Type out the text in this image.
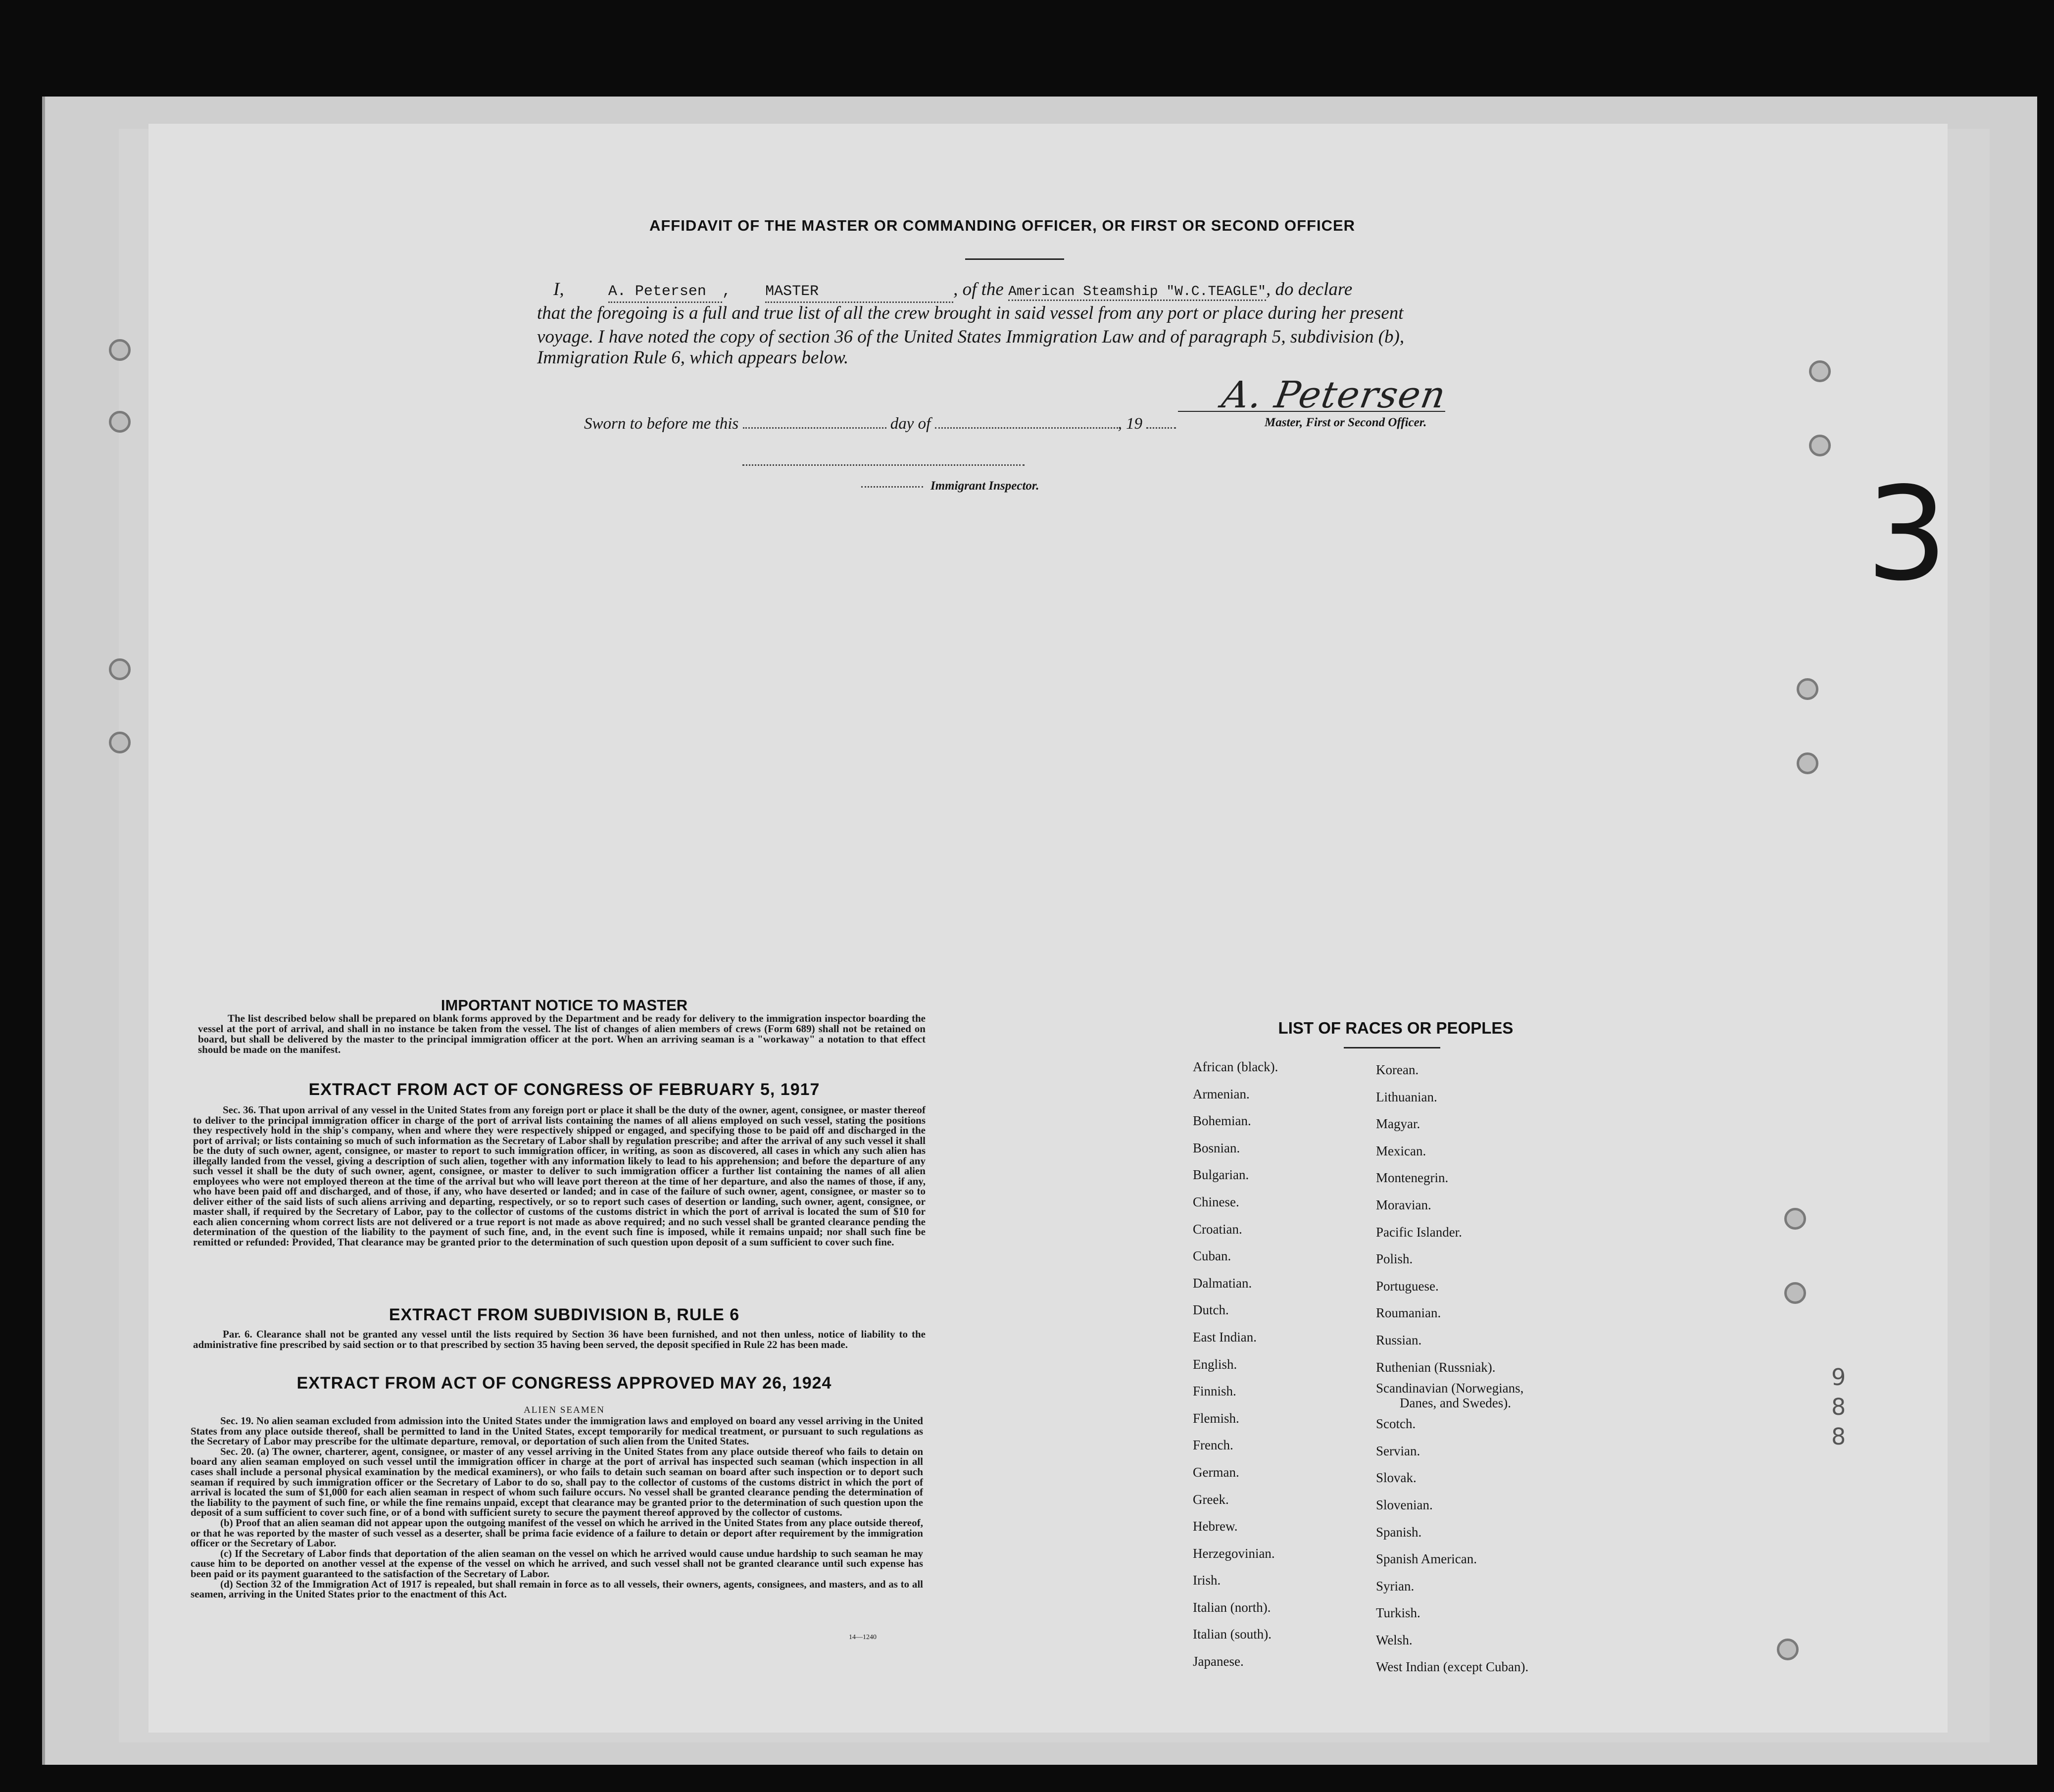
3
9
8
8
AFFIDAVIT OF THE MASTER OR COMMANDING OFFICER, OR FIRST OR SECOND OFFICER
I,	A. Petersen , MASTER	, of the American Steamship "W.C.TEAGLE", do declare
that the foregoing is a full and true list of all the crew brought in said vessel from any port or place during her present
voyage. I have noted the copy of section 36 of the United States Immigration Law and of paragraph 5, subdivision (b),
Immigration Rule 6, which appears below.
A. Petersen
Master, First or Second Officer.
Sworn to before me this	day of	, 19
Immigrant Inspector.
IMPORTANT NOTICE TO MASTER
The list described below shall be prepared on blank forms approved by the Department and be ready for delivery to the immigration inspector boarding the vessel at the port of arrival, and shall in no instance be taken from the vessel. The list of changes of alien members of crews (Form 689) shall not be retained on board, but shall be delivered by the master to the principal immigration officer at the port. When an arriving seaman is a "workaway" a notation to that effect should be made on the manifest.
EXTRACT FROM ACT OF CONGRESS OF FEBRUARY 5, 1917
Sec. 36. That upon arrival of any vessel in the United States from any foreign port or place it shall be the duty of the owner, agent, consignee, or master thereof to deliver to the principal immigration officer in charge of the port of arrival lists containing the names of all aliens employed on such vessel, stating the positions they respectively hold in the ship's company, when and where they were respectively shipped or engaged, and specifying those to be paid off and discharged in the port of arrival; or lists containing so much of such information as the Secretary of Labor shall by regulation prescribe; and after the arrival of any such vessel it shall be the duty of such owner, agent, consignee, or master to report to such immigration officer, in writing, as soon as discovered, all cases in which any such alien has illegally landed from the vessel, giving a description of such alien, together with any information likely to lead to his apprehension; and before the departure of any such vessel it shall be the duty of such owner, agent, consignee, or master to deliver to such immigration officer a further list containing the names of all alien employees who were not employed thereon at the time of the arrival but who will leave port thereon at the time of her departure, and also the names of those, if any, who have been paid off and discharged, and of those, if any, who have deserted or landed; and in case of the failure of such owner, agent, consignee, or master so to deliver either of the said lists of such aliens arriving and departing, respectively, or so to report such cases of desertion or landing, such owner, agent, consignee, or master shall, if required by the Secretary of Labor, pay to the collector of customs of the customs district in which the port of arrival is located the sum of $10 for each alien concerning whom correct lists are not delivered or a true report is not made as above required; and no such vessel shall be granted clearance pending the determination of the question of the liability to the payment of such fine, and, in the event such fine is imposed, while it remains unpaid; nor shall such fine be remitted or refunded: Provided, That clearance may be granted prior to the determination of such question upon deposit of a sum sufficient to cover such fine.
EXTRACT FROM SUBDIVISION B, RULE 6
Par. 6. Clearance shall not be granted any vessel until the lists required by Section 36 have been furnished, and not then unless, notice of liability to the administrative fine prescribed by said section or to that prescribed by section 35 having been served, the deposit specified in Rule 22 has been made.
EXTRACT FROM ACT OF CONGRESS APPROVED MAY 26, 1924
ALIEN SEAMEN

Sec. 19. No alien seaman excluded from admission into the United States under the immigration laws and employed on board any vessel arriving in the United States from any place outside thereof, shall be permitted to land in the United States, except temporarily for medical treatment, or pursuant to such regulations as the Secretary of Labor may prescribe for the ultimate departure, removal, or deportation of such alien from the United States.

Sec. 20. (a) The owner, charterer, agent, consignee, or master of any vessel arriving in the United States from any place outside thereof who fails to detain on board any alien seaman employed on such vessel until the immigration officer in charge at the port of arrival has inspected such seaman (which inspection in all cases shall include a personal physical examination by the medical examiners), or who fails to detain such seaman on board after such inspection or to deport such seaman if required by such immigration officer or the Secretary of Labor to do so, shall pay to the collector of customs of the customs district in which the port of arrival is located the sum of $1,000 for each alien seaman in respect of whom such failure occurs. No vessel shall be granted clearance pending the determination of the liability to the payment of such fine, or while the fine remains unpaid, except that clearance may be granted prior to the determination of such question upon the deposit of a sum sufficient to cover such fine, or of a bond with sufficient surety to secure the payment thereof approved by the collector of customs.

(b) Proof that an alien seaman did not appear upon the outgoing manifest of the vessel on which he arrived in the United States from any place outside thereof, or that he was reported by the master of such vessel as a deserter, shall be prima facie evidence of a failure to detain or deport after requirement by the immigration officer or the Secretary of Labor.

(c) If the Secretary of Labor finds that deportation of the alien seaman on the vessel on which he arrived would cause undue hardship to such seaman he may cause him to be deported on another vessel at the expense of the vessel on which he arrived, and such vessel shall not be granted clearance until such expense has been paid or its payment guaranteed to the satisfaction of the Secretary of Labor.

(d) Section 32 of the Immigration Act of 1917 is repealed, but shall remain in force as to all vessels, their owners, agents, consignees, and masters, and as to all seamen, arriving in the United States prior to the enactment of this Act.

14—1240
LIST OF RACES OR PEOPLES
African (black).
Armenian.
Bohemian.
Bosnian.
Bulgarian.
Chinese.
Croatian.
Cuban.
Dalmatian.
Dutch.
East Indian.
English.
Finnish.
Flemish.
French.
German.
Greek.
Hebrew.
Herzegovinian.
Irish.
Italian (north).
Italian (south).
Japanese.
Korean.
Lithuanian.
Magyar.
Mexican.
Montenegrin.
Moravian.
Pacific Islander.
Polish.
Portuguese.
Roumanian.
Russian.
Ruthenian (Russniak).
Scandinavian (Norwegians,
Danes, and Swedes).
Scotch.
Servian.
Slovak.
Slovenian.
Spanish.
Spanish American.
Syrian.
Turkish.
Welsh.
West Indian (except Cuban).
